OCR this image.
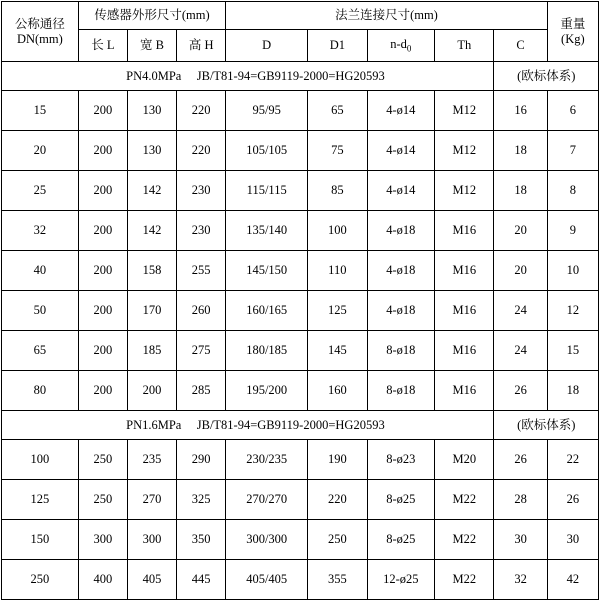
公称通径
DN(mm)	传感器外形尺寸(mm)			法兰连接尺寸(mm)					重量
(Kg)

	长 L	宽 B	高 H	D	D1	$n-d_0$	Th	C	
PN4.0MPa JB/T81-94=GB9119-2000=HG20593								(欧标体系)	
15	200	130	220	95/95	65	4-ø14	M12	16	6
20	200	130	220	105/105	75	4-ø14	M12	18	7
25	200	142	230	115/115	85	4-ø14	M12	18	8
32	200	142	230	135/140	100	4-ø18	M16	20	9
40	200	158	255	145/150	110	4-ø18	M16	20	10
50	200	170	260	160/165	125	4-ø18	M16	24	12
65	200	185	275	180/185	145	8-ø18	M16	24	15
80	200	200	285	195/200	160	8-ø18	M16	26	18
PN1.6MPa JB/T81-94=GB9119-2000=HG20593								(欧标体系)	
100	250	235	290	230/235	190	8-ø23	M20	26	22
125	250	270	325	270/270	220	8-ø25	M22	28	26
150	300	300	350	300/300	250	8-ø25	M22	30	30
250	400	405	445	405/405	355	12-ø25	M22	32	42
